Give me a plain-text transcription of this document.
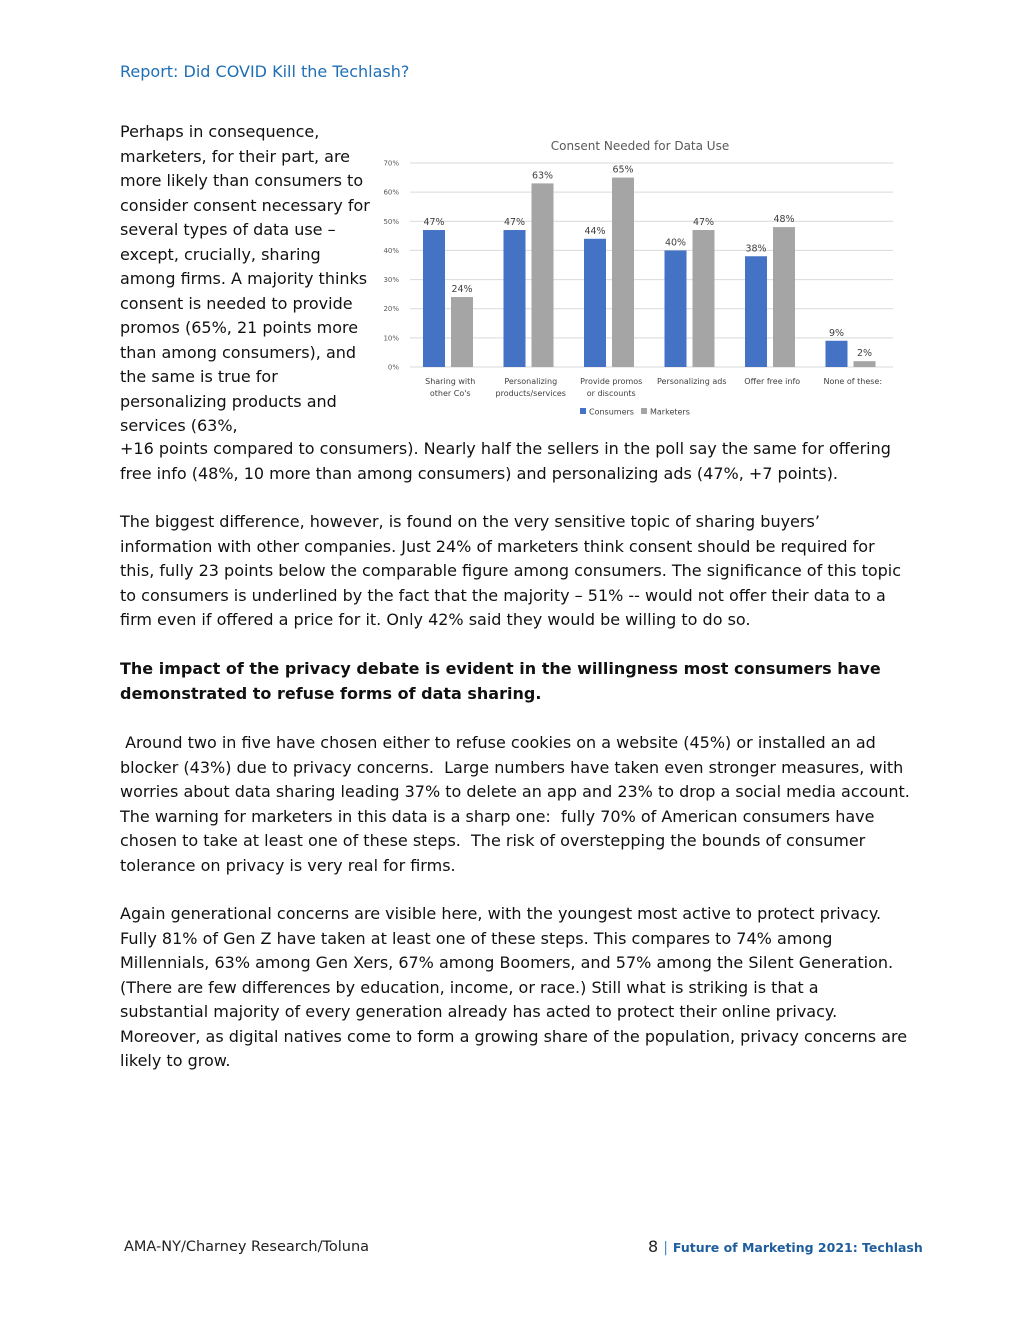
Report: Did COVID Kill the Techlash?

Perhaps in consequence, marketers, for their part, are more likely than consumers to consider consent necessary for several types of data use – except, crucially, sharing among firms. A majority thinks consent is needed to provide promos (65%, 21 points more than among consumers), and the same is true for personalizing products and services (63%,

Consent Needed for Data Use
0%
10%
20%
30%
40%
50%
60%
70%
47%
24%
Sharing with
other Co's
47%
63%
Personalizing
products/services
44%
65%
Provide promos
or discounts
40%
47%
Personalizing ads
38%
48%
Offer free info
9%
2%
None of these:
Consumers Marketers
+16 points compared to consumers). Nearly half the sellers in the poll say the same for offering free info (48%, 10 more than among consumers) and personalizing ads (47%, +7 points).

The biggest difference, however, is found on the very sensitive topic of sharing buyers’ information with other companies. Just 24% of marketers think consent should be required for this, fully 23 points below the comparable figure among consumers. The significance of this topic to consumers is underlined by the fact that the majority – 51% -- would not offer their data to a firm even if offered a price for it. Only 42% said they would be willing to do so.

The impact of the privacy debate is evident in the willingness most consumers have demonstrated to refuse forms of data sharing.

Around two in five have chosen either to refuse cookies on a website (45%) or installed an ad blocker (43%) due to privacy concerns.  Large numbers have taken even stronger measures, with worries about data sharing leading 37% to delete an app and 23% to drop a social media account.  The warning for marketers in this data is a sharp one:  fully 70% of American consumers have chosen to take at least one of these steps.  The risk of overstepping the bounds of consumer tolerance on privacy is very real for firms.

Again generational concerns are visible here, with the youngest most active to protect privacy. Fully 81% of Gen Z have taken at least one of these steps. This compares to 74% among Millennials, 63% among Gen Xers, 67% among Boomers, and 57% among the Silent Generation. (There are few differences by education, income, or race.) Still what is striking is that a substantial majority of every generation already has acted to protect their online privacy. Moreover, as digital natives come to form a growing share of the population, privacy concerns are likely to grow.

AMA-NY/Charney Research/Toluna	8 | Future of Marketing 2021: Techlash
